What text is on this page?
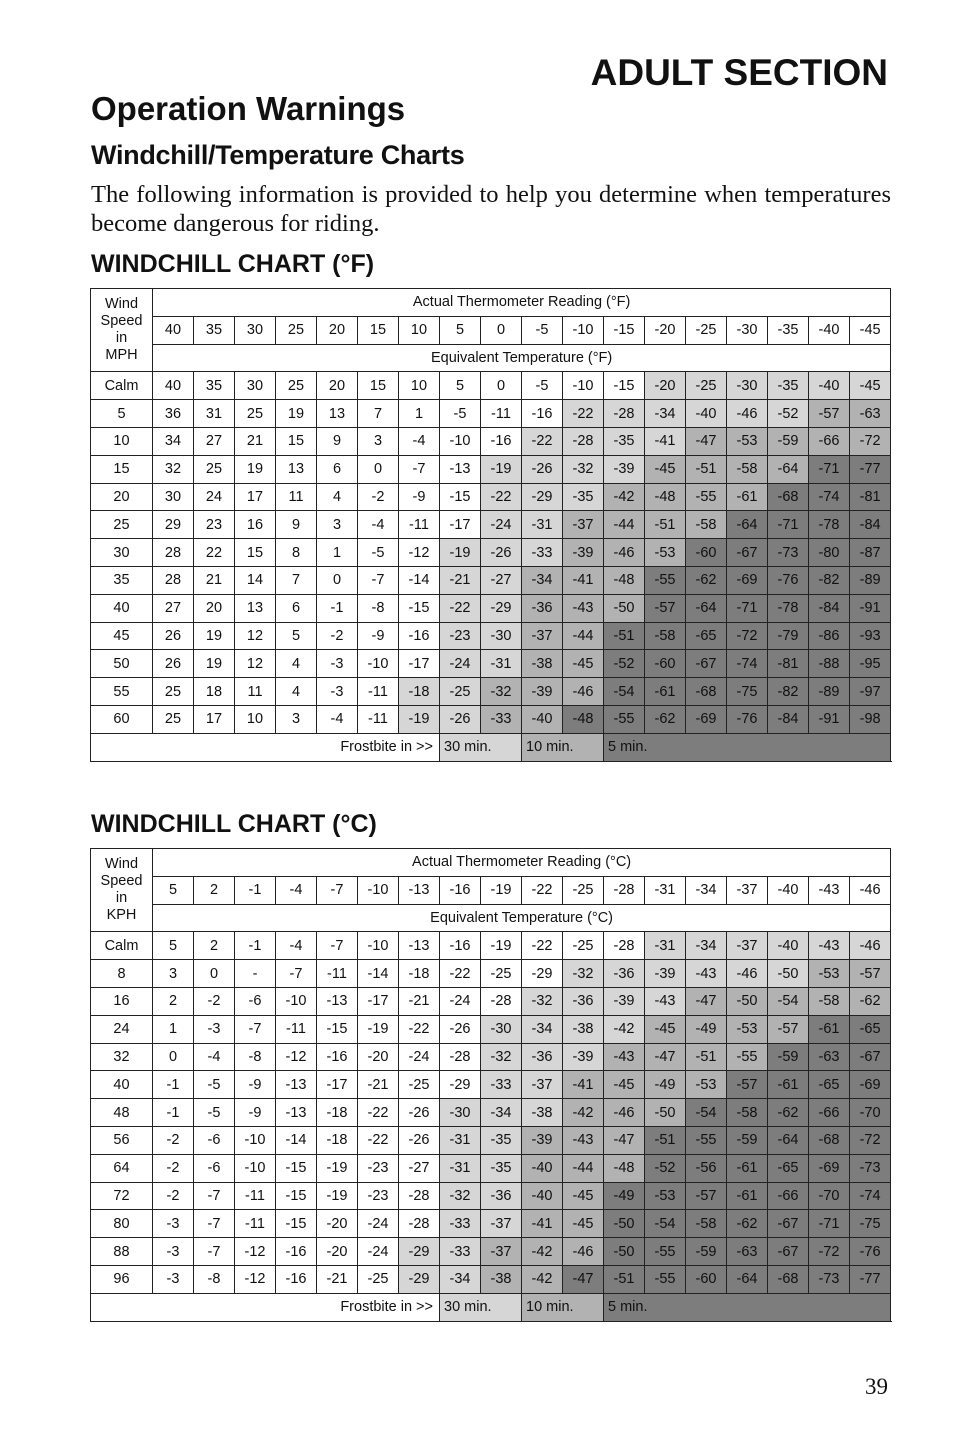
ADULT SECTION
Operation Warnings
Windchill/Temperature Charts

The following information is provided to help you determine when temperatures become dangerous for riding.

WINDCHILL CHART (°F)
Wind
Speed
in
MPH	Actual Thermometer Reading (°F)																	
	40	35	30	25	20	15	10	5	0	-5	-10	-15	-20	-25	-30	-35	-40	-45
	Equivalent Temperature (°F)																	
Calm	40	35	30	25	20	15	10	5	0	-5	-10	-15	-20	-25	-30	-35	-40	-45
5	36	31	25	19	13	7	1	-5	-11	-16	-22	-28	-34	-40	-46	-52	-57	-63
10	34	27	21	15	9	3	-4	-10	-16	-22	-28	-35	-41	-47	-53	-59	-66	-72
15	32	25	19	13	6	0	-7	-13	-19	-26	-32	-39	-45	-51	-58	-64	-71	-77
20	30	24	17	11	4	-2	-9	-15	-22	-29	-35	-42	-48	-55	-61	-68	-74	-81
25	29	23	16	9	3	-4	-11	-17	-24	-31	-37	-44	-51	-58	-64	-71	-78	-84
30	28	22	15	8	1	-5	-12	-19	-26	-33	-39	-46	-53	-60	-67	-73	-80	-87
35	28	21	14	7	0	-7	-14	-21	-27	-34	-41	-48	-55	-62	-69	-76	-82	-89
40	27	20	13	6	-1	-8	-15	-22	-29	-36	-43	-50	-57	-64	-71	-78	-84	-91
45	26	19	12	5	-2	-9	-16	-23	-30	-37	-44	-51	-58	-65	-72	-79	-86	-93
50	26	19	12	4	-3	-10	-17	-24	-31	-38	-45	-52	-60	-67	-74	-81	-88	-95
55	25	18	11	4	-3	-11	-18	-25	-32	-39	-46	-54	-61	-68	-75	-82	-89	-97
60	25	17	10	3	-4	-11	-19	-26	-33	-40	-48	-55	-62	-69	-76	-84	-91	-98
Frostbite in >>								30 min.		10 min.		5 min.						
WINDCHILL CHART (°C)
Wind
Speed
in
KPH	Actual Thermometer Reading (°C)																	
	5	2	-1	-4	-7	-10	-13	-16	-19	-22	-25	-28	-31	-34	-37	-40	-43	-46
	Equivalent Temperature (°C)																	
Calm	5	2	-1	-4	-7	-10	-13	-16	-19	-22	-25	-28	-31	-34	-37	-40	-43	-46
8	3	0	-	-7	-11	-14	-18	-22	-25	-29	-32	-36	-39	-43	-46	-50	-53	-57
16	2	-2	-6	-10	-13	-17	-21	-24	-28	-32	-36	-39	-43	-47	-50	-54	-58	-62
24	1	-3	-7	-11	-15	-19	-22	-26	-30	-34	-38	-42	-45	-49	-53	-57	-61	-65
32	0	-4	-8	-12	-16	-20	-24	-28	-32	-36	-39	-43	-47	-51	-55	-59	-63	-67
40	-1	-5	-9	-13	-17	-21	-25	-29	-33	-37	-41	-45	-49	-53	-57	-61	-65	-69
48	-1	-5	-9	-13	-18	-22	-26	-30	-34	-38	-42	-46	-50	-54	-58	-62	-66	-70
56	-2	-6	-10	-14	-18	-22	-26	-31	-35	-39	-43	-47	-51	-55	-59	-64	-68	-72
64	-2	-6	-10	-15	-19	-23	-27	-31	-35	-40	-44	-48	-52	-56	-61	-65	-69	-73
72	-2	-7	-11	-15	-19	-23	-28	-32	-36	-40	-45	-49	-53	-57	-61	-66	-70	-74
80	-3	-7	-11	-15	-20	-24	-28	-33	-37	-41	-45	-50	-54	-58	-62	-67	-71	-75
88	-3	-7	-12	-16	-20	-24	-29	-33	-37	-42	-46	-50	-55	-59	-63	-67	-72	-76
96	-3	-8	-12	-16	-21	-25	-29	-34	-38	-42	-47	-51	-55	-60	-64	-68	-73	-77
Frostbite in >>								30 min.		10 min.		5 min.						

39
